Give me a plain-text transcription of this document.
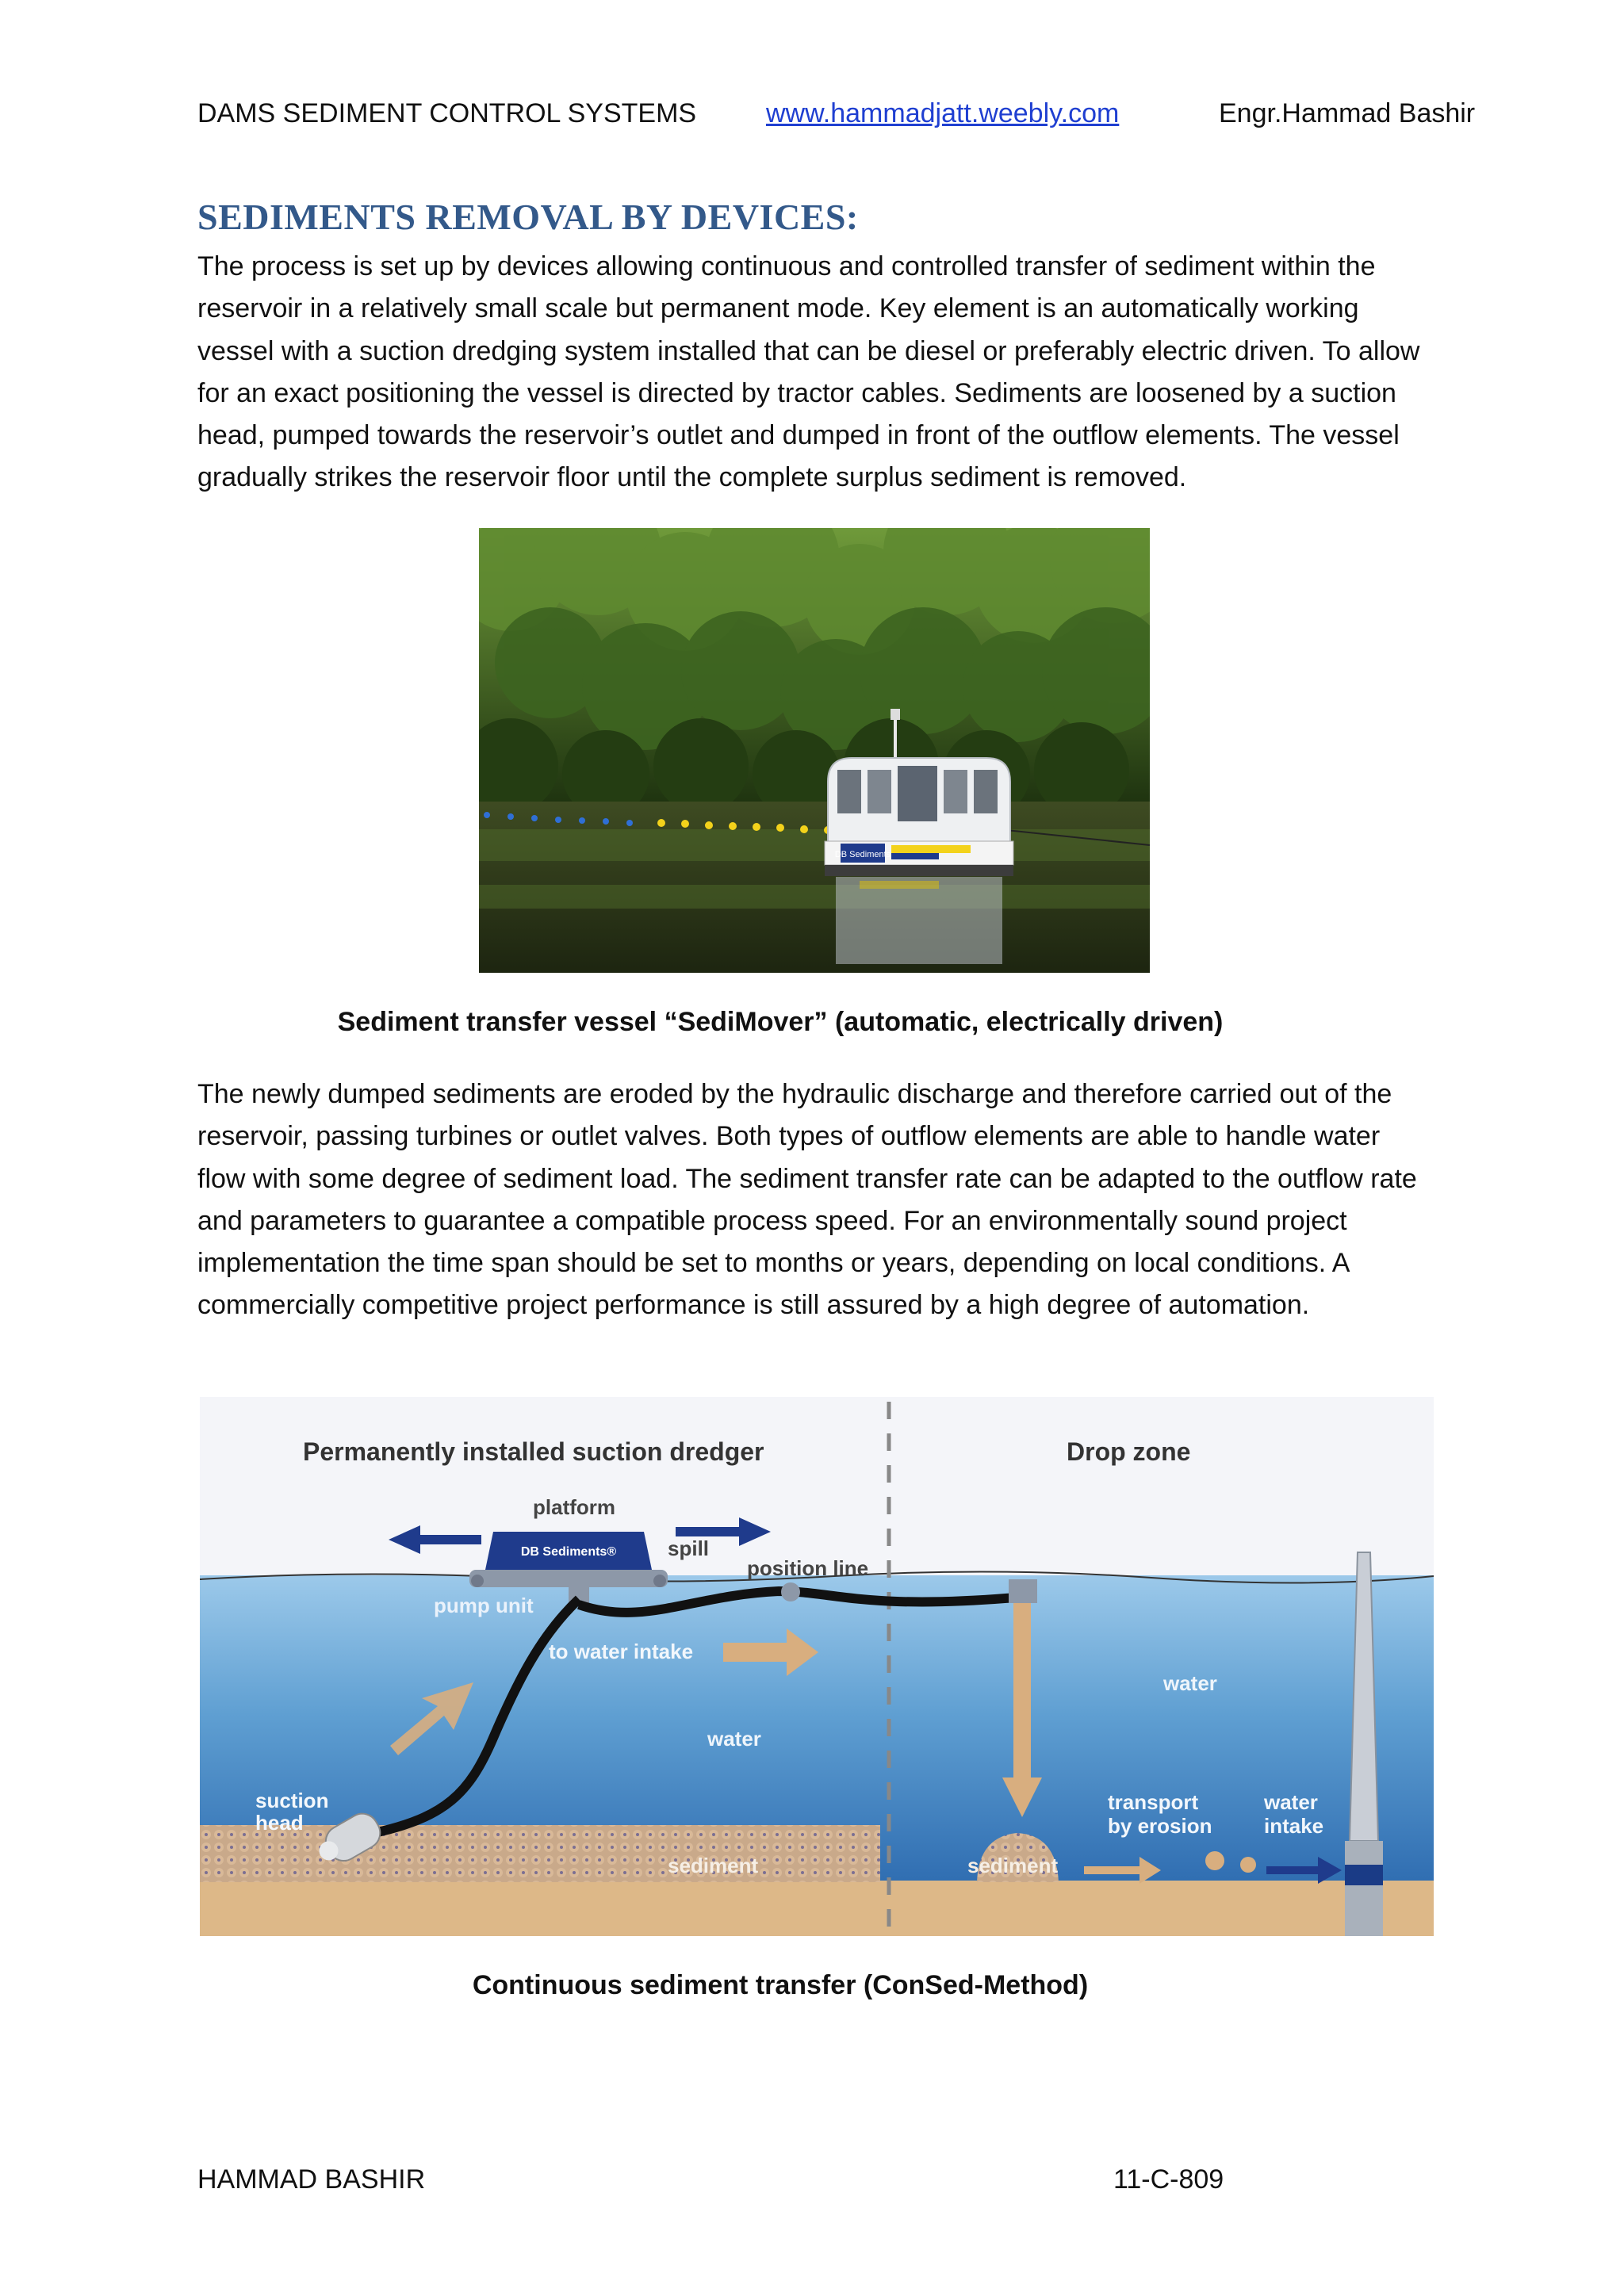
DAMS SEDIMENT CONTROL SYSTEMS	www.hammadjatt.weebly.com	Engr.Hammad Bashir
SEDIMENTS REMOVAL BY DEVICES:

The process is set up by devices allowing continuous and controlled transfer of sediment within the reservoir in a relatively small scale but permanent mode. Key element is an automatically working vessel with a suction dredging system installed that can be diesel or preferably electric driven. To allow for an exact positioning the vessel is directed by tractor cables. Sediments are loosened by a suction head, pumped towards the reservoir’s outlet and dumped in front of the outflow elements. The vessel gradually strikes the reservoir floor until the complete surplus sediment is removed.

DB Sediments
Sediment transfer vessel “SediMover” (automatic, electrically driven)

The newly dumped sediments are eroded by the hydraulic discharge and therefore carried out of the reservoir, passing turbines or outlet valves. Both types of outflow elements are able to handle water flow with some degree of sediment load. The sediment transfer rate can be adapted to the outflow rate and parameters to guarantee a compatible process speed. For an environmentally sound project implementation the time span should be set to months or years, depending on local conditions. A commercially competitive project performance is still assured by a high degree of automation.

Permanently installed suction dredger	Drop zone
platform
DB Sediments® spill
position line
pump unit
suction
head
to water intake
water
water
sediment	sediment
transport
by erosion
water
intake
Continuous sediment transfer (ConSed-Method)
HAMMAD BASHIR	11-C-809
